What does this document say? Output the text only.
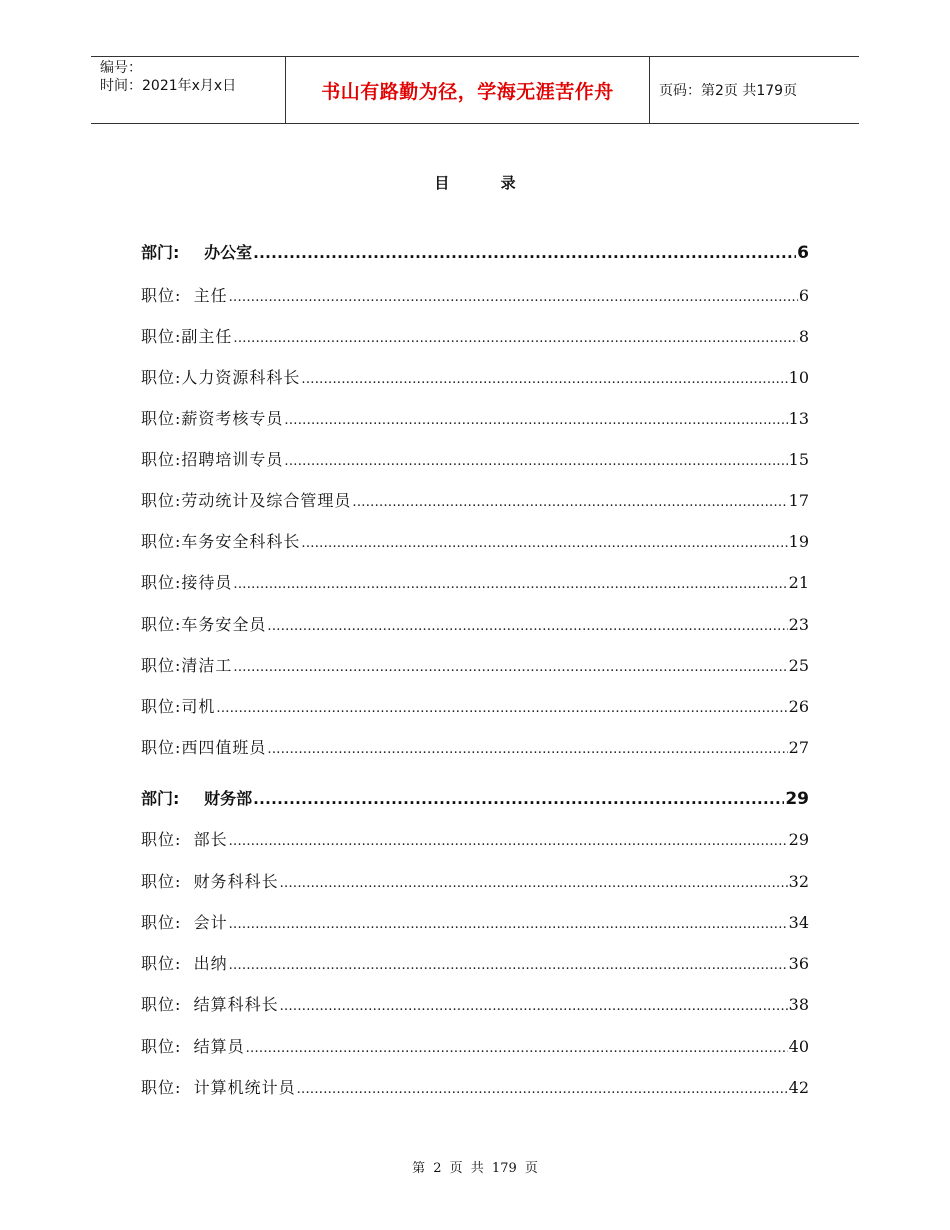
编号：
时间：2021年x月x日	书山有路勤为径，学海无涯苦作舟	页码：第2页 共179页
目 录
部门:  办公室 .....	6
职位:  主任 .....	6
职位:副主任 .....	8
职位:人力资源科科长 .....	10
职位:薪资考核专员 .....	13
职位:招聘培训专员 .....	15
职位:劳动统计及综合管理员 .....	17
职位:车务安全科科长 .....	19
职位:接待员 .....	21
职位:车务安全员 .....	23
职位:清洁工 .....	25
职位:司机 .....	26
职位:西四值班员 .....	27
部门:  财务部 .....	29
职位:  部长 .....	29
职位:  财务科科长 .....	32
职位:  会计 .....	34
职位:  出纳 .....	36
职位:  结算科科长 .....	38
职位:  结算员 .....	40
职位:  计算机统计员 .....	42
第 2 页 共 179 页
